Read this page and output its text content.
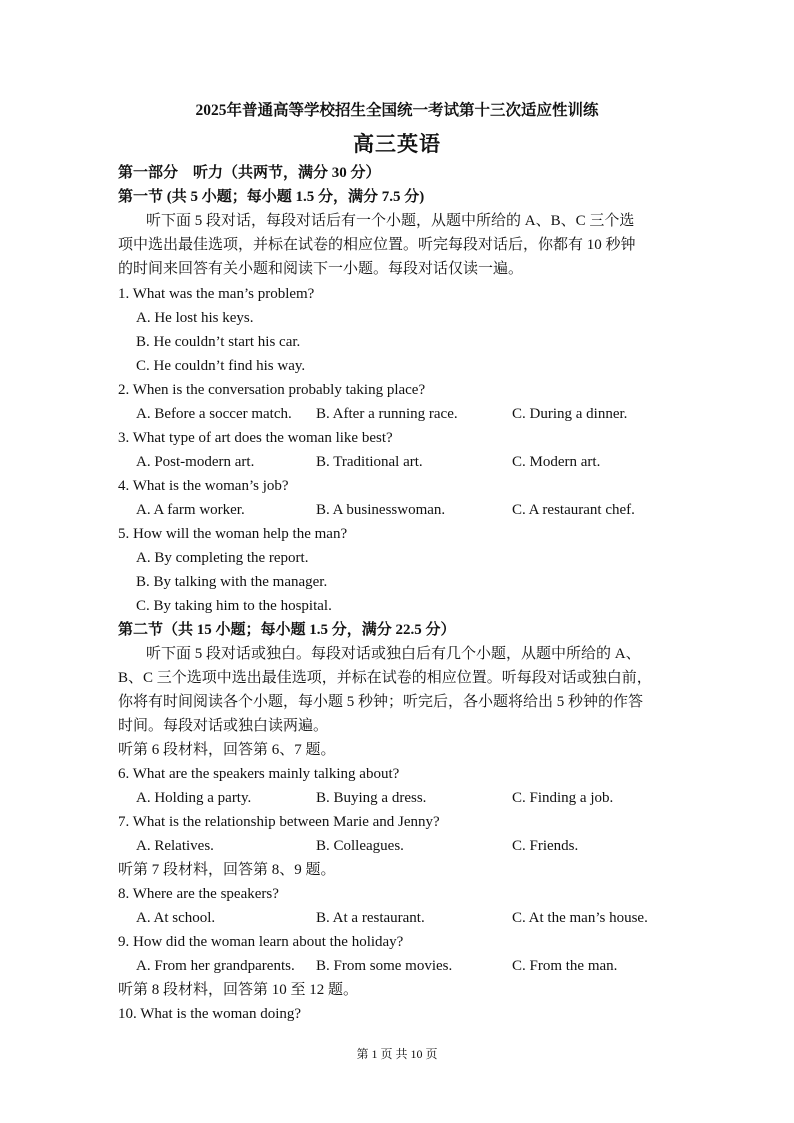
2025年普通高等学校招生全国统一考试第十三次适应性训练
高三英语
第一部分　听力（共两节，满分 30 分）
第一节 (共 5 小题；每小题 1.5 分，满分 7.5 分)
听下面 5 段对话，每段对话后有一个小题，从题中所给的 A、B、C 三个选
项中选出最佳选项，并标在试卷的相应位置。听完每段对话后，你都有 10 秒钟
的时间来回答有关小题和阅读下一小题。每段对话仅读一遍。
1. What was the man’s problem?
A. He lost his keys.
B. He couldn’t start his car.
C. He couldn’t find his way.
2. When is the conversation probably taking place?
A. Before a soccer match. B. After a running race.	C. During a dinner.
3. What type of art does the woman like best?
A. Post-modern art.	B. Traditional art.	C. Modern art.
4. What is the woman’s job?
A. A farm worker.	B. A businesswoman.	C. A restaurant chef.
5. How will the woman help the man?
A. By completing the report.
B. By talking with the manager.
C. By taking him to the hospital.
第二节（共 15 小题；每小题 1.5 分，满分 22.5 分）
听下面 5 段对话或独白。每段对话或独白后有几个小题，从题中所给的 A、
B、C 三个选项中选出最佳选项，并标在试卷的相应位置。听每段对话或独白前，
你将有时间阅读各个小题，每小题 5 秒钟；听完后，各小题将给出 5 秒钟的作答
时间。每段对话或独白读两遍。
听第 6 段材料，回答第 6、7 题。
6. What are the speakers mainly talking about?
A. Holding a party.	B. Buying a dress.	C. Finding a job.
7. What is the relationship between Marie and Jenny?
A. Relatives.	B. Colleagues.	C. Friends.
听第 7 段材料，回答第 8、9 题。
8. Where are the speakers?
A. At school.	B. At a restaurant.	C. At the man’s house.
9. How did the woman learn about the holiday?
A. From her grandparents. B. From some movies.	C. From the man.
听第 8 段材料，回答第 10 至 12 题。
10. What is the woman doing?
第 1 页 共 10 页
